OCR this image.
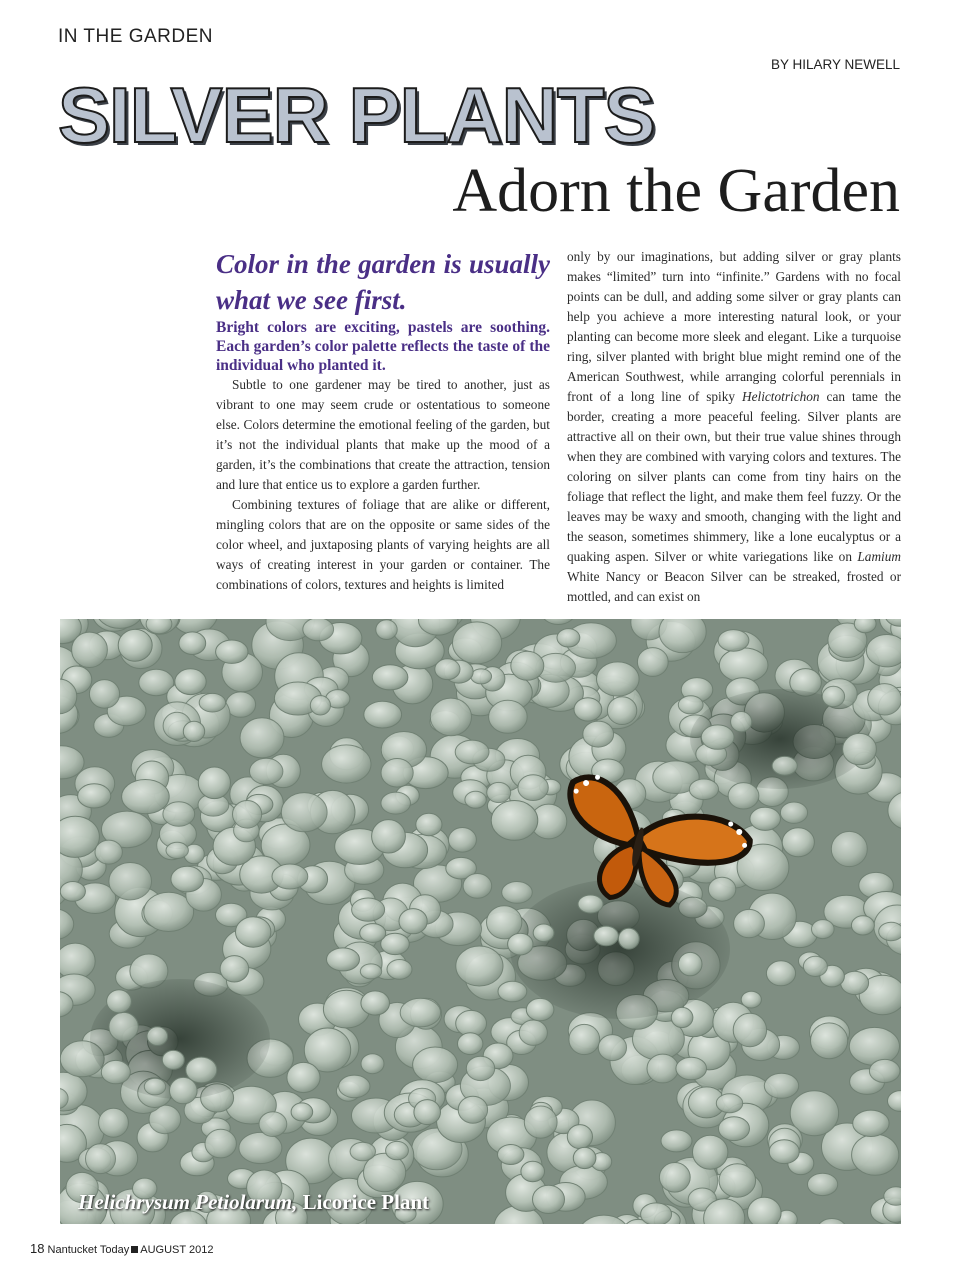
IN THE GARDEN
BY HILARY NEWELL
SILVER PLANTS
Adorn the Garden

Color in the garden is usually what we see first.

Bright colors are exciting, pastels are soothing. Each garden’s color palette reflects the taste of the individual who planted it.

Subtle to one gardener may be tired to another, just as vibrant to one may seem crude or ostentatious to someone else. Colors determine the emotional feeling of the garden, but it’s not the individual plants that make up the mood of a garden, it’s the combinations that create the attraction, tension and lure that entice us to explore a garden further.

Combining textures of foliage that are alike or different, mingling colors that are on the opposite or same sides of the color wheel, and juxtaposing plants of varying heights are all ways of creating interest in your garden or container. The combinations of colors, textures and heights is limited

only by our imaginations, but adding silver or gray plants makes “limited” turn into “infinite.” Gardens with no focal points can be dull, and adding some silver or gray plants can help you achieve a more interesting natural look, or your planting can become more sleek and elegant. Like a turquoise ring, silver planted with bright blue might remind one of the American Southwest, while arranging colorful perennials in front of a long line of spiky Helictotrichon can tame the border, creating a more peaceful feeling. Silver plants are attractive all on their own, but their true value shines through when they are combined with varying colors and textures. The coloring on silver plants can come from tiny hairs on the foliage that reflect the light, and make them feel fuzzy. Or the leaves may be waxy and smooth, changing with the light and the season, sometimes shimmery, like a lone eucalyptus or a quaking aspen. Silver or white variegations like on Lamium White Nancy or Beacon Silver can be streaked, frosted or mottled, and can exist on

Helichrysum Petiolarum, Licorice Plant
18 Nantucket Today AUGUST 2012
